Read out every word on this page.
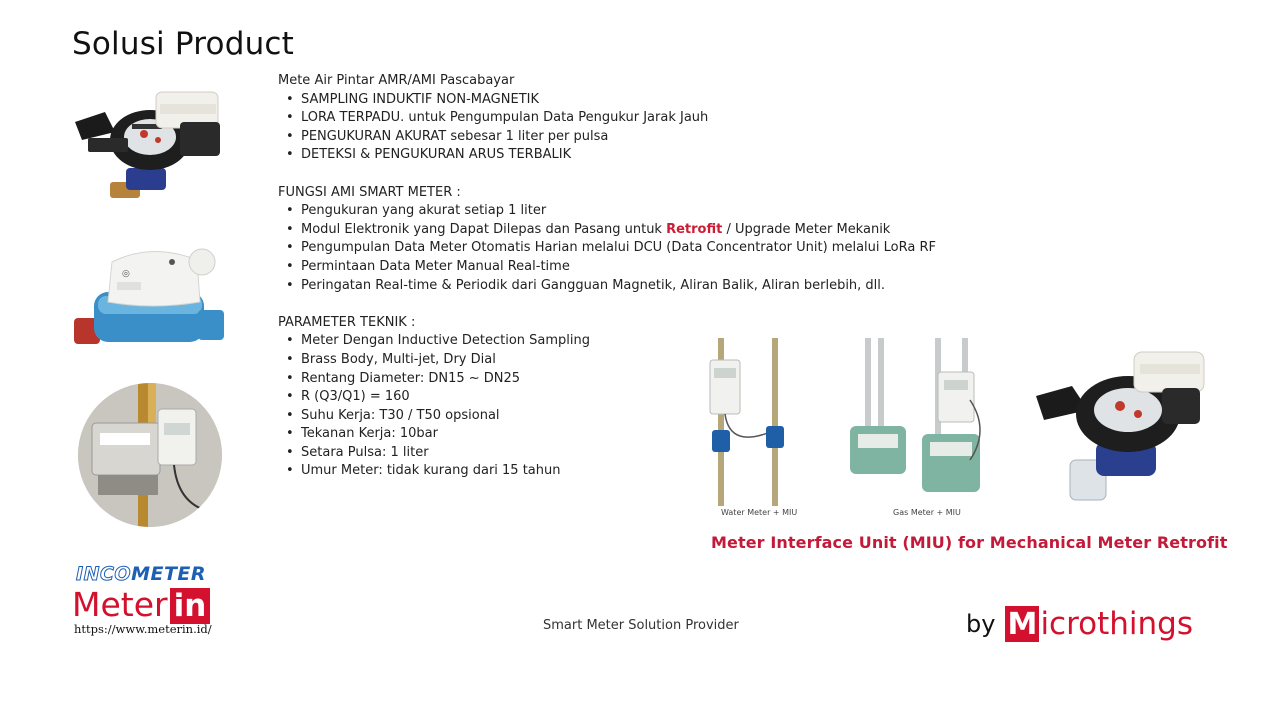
Solusi Product
◎
Mete Air Pintar AMR/AMI Pascabayar
• SAMPLING INDUKTIF NON-MAGNETIK
• LORA TERPADU. untuk Pengumpulan Data Pengukur Jarak Jauh
• PENGUKURAN AKURAT sebesar 1 liter per pulsa
• DETEKSI & PENGUKURAN ARUS TERBALIK
FUNGSI AMI SMART METER :
• Pengukuran yang akurat setiap 1 liter
• Modul Elektronik yang Dapat Dilepas dan Pasang untuk Retrofit / Upgrade Meter Mekanik
• Pengumpulan Data Meter Otomatis Harian melalui DCU (Data Concentrator Unit) melalui LoRa RF
• Permintaan Data Meter Manual Real-time
• Peringatan Real-time & Periodik dari Gangguan Magnetik, Aliran Balik, Aliran berlebih, dll.
PARAMETER TEKNIK :
• Meter Dengan Inductive Detection Sampling
• Brass Body, Multi-jet, Dry Dial
• Rentang Diameter: DN15 ~ DN25
• R (Q3/Q1) = 160
• Suhu Kerja: T30 / T50 opsional
• Tekanan Kerja: 10bar
• Setara Pulsa: 1 liter
• Umur Meter: tidak kurang dari 15 tahun
Water Meter + MIU	Gas Meter + MIU
Meter Interface Unit (MIU) for Mechanical Meter Retrofit
INCOMETER
Meter in
https://www.meterin.id/	Smart Meter Solution Provider	by M icrothings
